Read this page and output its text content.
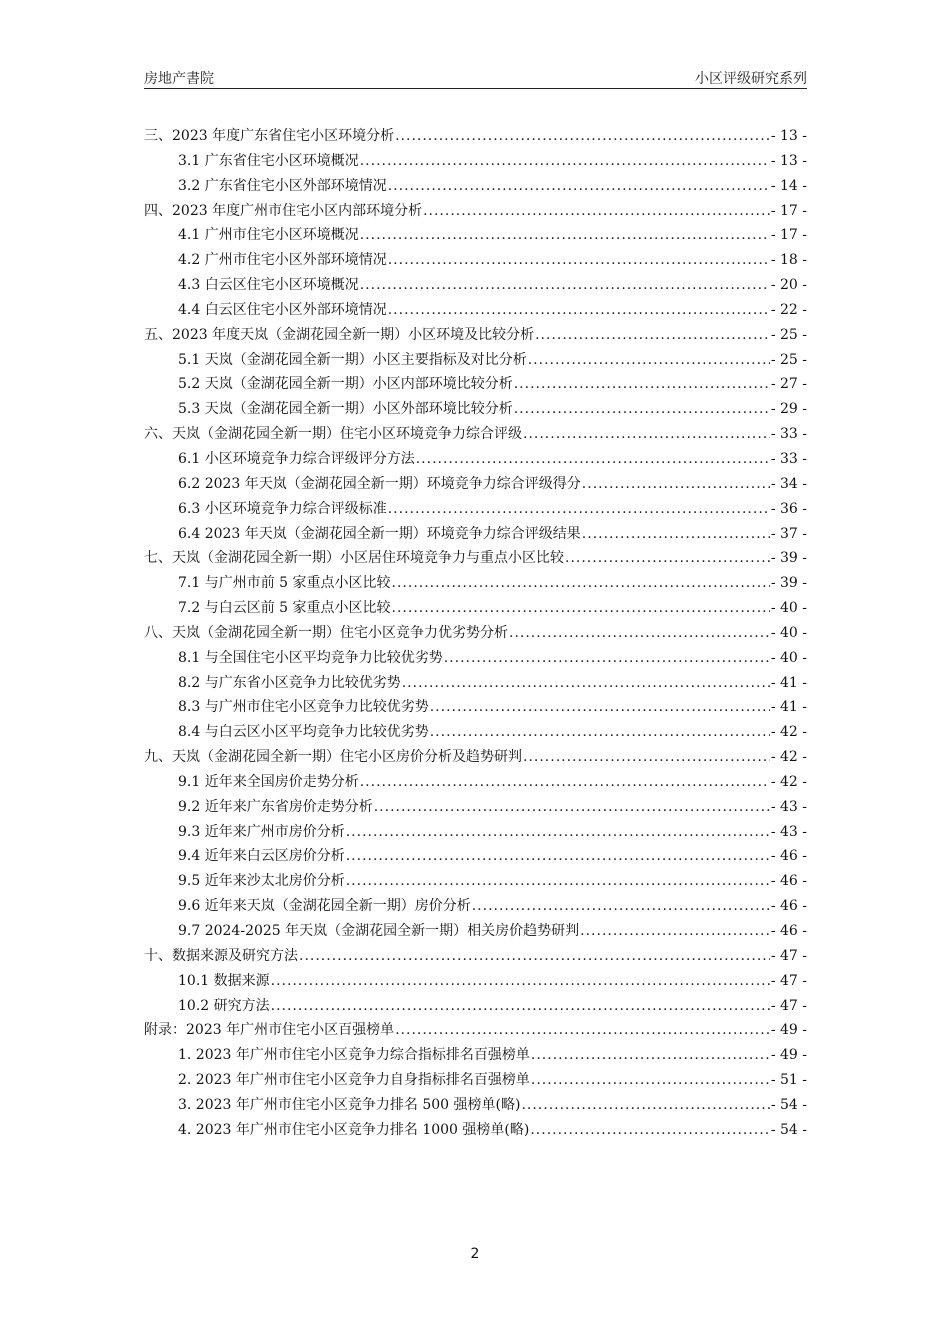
房地产書院	小区评级研究系列
三、2023 年度广东省住宅小区环境分析 .....	- 13 -
3.1 广东省住宅小区环境概况 .....	- 13 -
3.2 广东省住宅小区外部环境情况 .....	- 14 -
四、2023 年度广州市住宅小区内部环境分析 .....	- 17 -
4.1 广州市住宅小区环境概况 .....	- 17 -
4.2 广州市住宅小区外部环境情况 .....	- 18 -
4.3 白云区住宅小区环境概况 .....	- 20 -
4.4 白云区住宅小区外部环境情况 .....	- 22 -
五、2023 年度天岚（金湖花园全新一期）小区环境及比较分析 .....	- 25 -
5.1 天岚（金湖花园全新一期）小区主要指标及对比分析 .....	- 25 -
5.2 天岚（金湖花园全新一期）小区内部环境比较分析 .....	- 27 -
5.3 天岚（金湖花园全新一期）小区外部环境比较分析 .....	- 29 -
六、天岚（金湖花园全新一期）住宅小区环境竞争力综合评级 .....	- 33 -
6.1 小区环境竞争力综合评级评分方法 .....	- 33 -
6.2 2023 年天岚（金湖花园全新一期）环境竞争力综合评级得分 .....	- 34 -
6.3 小区环境竞争力综合评级标准 .....	- 36 -
6.4 2023 年天岚（金湖花园全新一期）环境竞争力综合评级结果 .....	- 37 -
七、天岚（金湖花园全新一期）小区居住环境竞争力与重点小区比较 .....	- 39 -
7.1 与广州市前 5 家重点小区比较 .....	- 39 -
7.2 与白云区前 5 家重点小区比较 .....	- 40 -
八、天岚（金湖花园全新一期）住宅小区竞争力优劣势分析 .....	- 40 -
8.1 与全国住宅小区平均竞争力比较优劣势 .....	- 40 -
8.2 与广东省小区竞争力比较优劣势 .....	- 41 -
8.3 与广州市住宅小区竞争力比较优劣势 .....	- 41 -
8.4 与白云区小区平均竞争力比较优劣势 .....	- 42 -
九、天岚（金湖花园全新一期）住宅小区房价分析及趋势研判 .....	- 42 -
9.1 近年来全国房价走势分析 .....	- 42 -
9.2 近年来广东省房价走势分析 .....	- 43 -
9.3 近年来广州市房价分析 .....	- 43 -
9.4 近年来白云区房价分析 .....	- 46 -
9.5 近年来沙太北房价分析 .....	- 46 -
9.6 近年来天岚（金湖花园全新一期）房价分析 .....	- 46 -
9.7 2024-2025 年天岚（金湖花园全新一期）相关房价趋势研判 .....	- 46 -
十、数据来源及研究方法 .....	- 47 -
10.1 数据来源 .....	- 47 -
10.2 研究方法 .....	- 47 -
附录：2023 年广州市住宅小区百强榜单 .....	- 49 -
1. 2023 年广州市住宅小区竞争力综合指标排名百强榜单 .....	- 49 -
2. 2023 年广州市住宅小区竞争力自身指标排名百强榜单 .....	- 51 -
3. 2023 年广州市住宅小区竞争力排名 500 强榜单(略) .....	- 54 -
4. 2023 年广州市住宅小区竞争力排名 1000 强榜单(略) .....	- 54 -
2
